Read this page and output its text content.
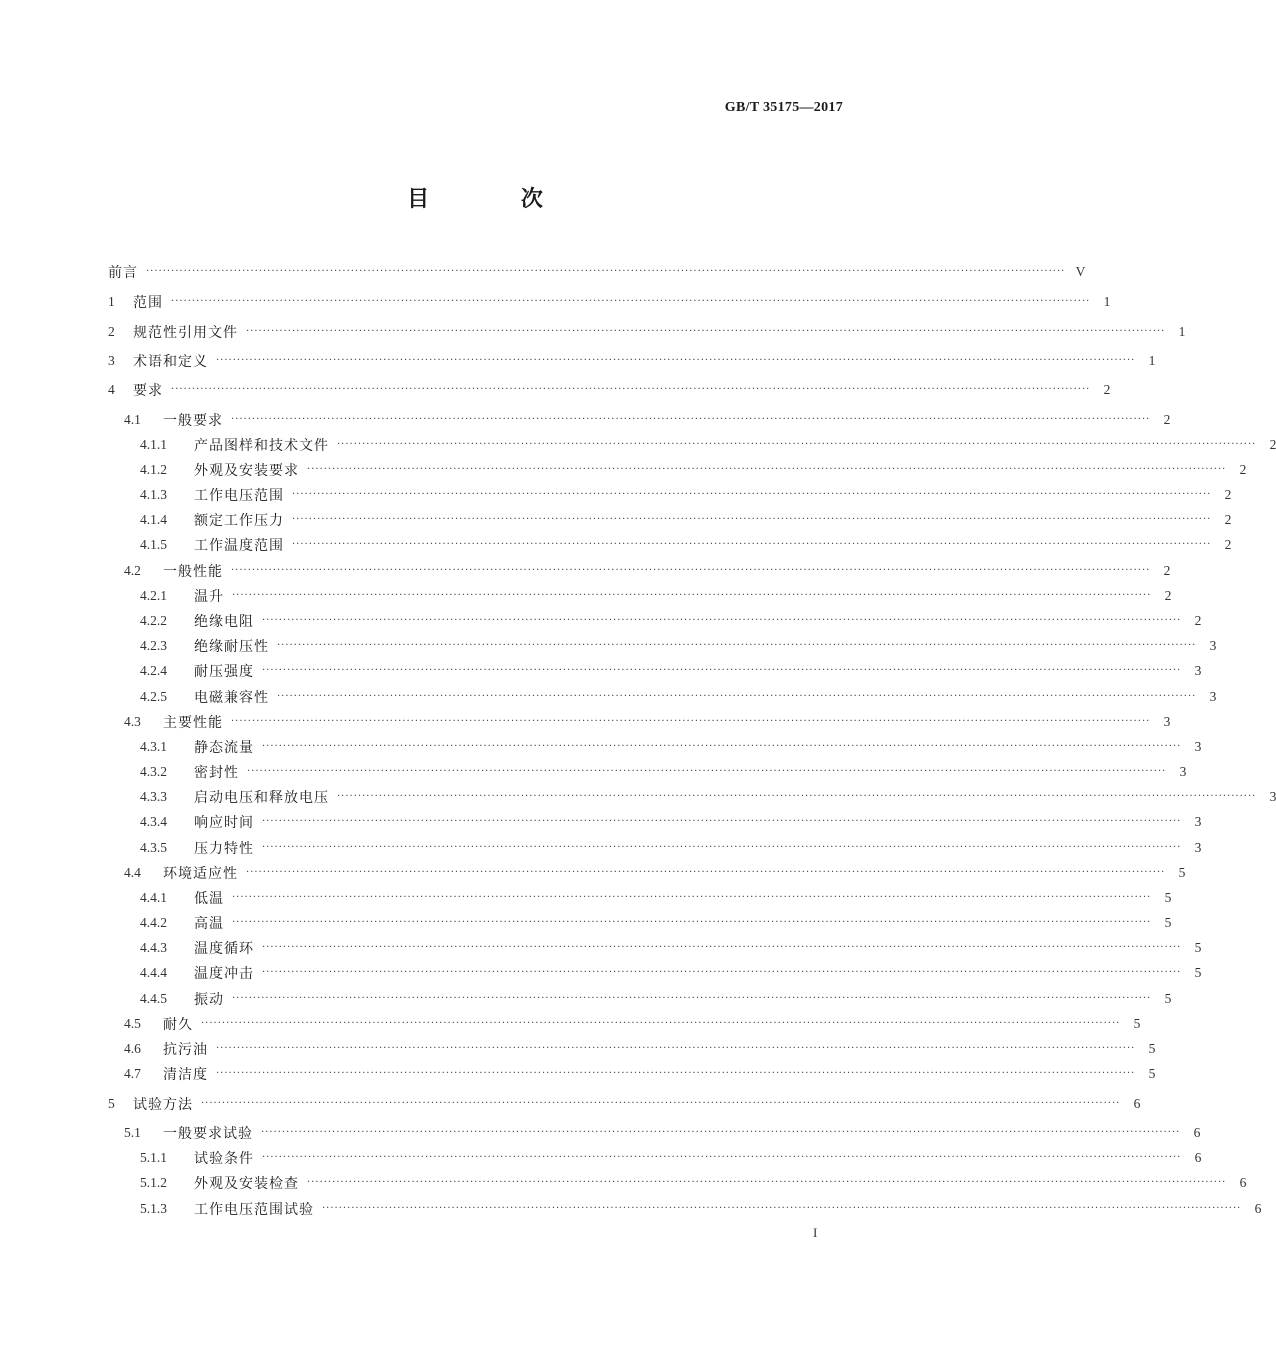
GB/T 35175—2017
目 次
前言 ···························································································································································································································· V
1 范围 ···························································································································································································································· 1
2 规范性引用文件 ···························································································································································································································· 1
3 术语和定义 ···························································································································································································································· 1
4 要求 ···························································································································································································································· 2
4.1 一般要求 ···························································································································································································································· 2
4.1.1 产品图样和技术文件 ···························································································································································································································· 2
4.1.2 外观及安装要求 ···························································································································································································································· 2
4.1.3 工作电压范围 ···························································································································································································································· 2
4.1.4 额定工作压力 ···························································································································································································································· 2
4.1.5 工作温度范围 ···························································································································································································································· 2
4.2 一般性能 ···························································································································································································································· 2
4.2.1 温升 ···························································································································································································································· 2
4.2.2 绝缘电阻 ···························································································································································································································· 2
4.2.3 绝缘耐压性 ···························································································································································································································· 3
4.2.4 耐压强度 ···························································································································································································································· 3
4.2.5 电磁兼容性 ···························································································································································································································· 3
4.3 主要性能 ···························································································································································································································· 3
4.3.1 静态流量 ···························································································································································································································· 3
4.3.2 密封性 ···························································································································································································································· 3
4.3.3 启动电压和释放电压 ···························································································································································································································· 3
4.3.4 响应时间 ···························································································································································································································· 3
4.3.5 压力特性 ···························································································································································································································· 3
4.4 环境适应性 ···························································································································································································································· 5
4.4.1 低温 ···························································································································································································································· 5
4.4.2 高温 ···························································································································································································································· 5
4.4.3 温度循环 ···························································································································································································································· 5
4.4.4 温度冲击 ···························································································································································································································· 5
4.4.5 振动 ···························································································································································································································· 5
4.5 耐久 ···························································································································································································································· 5
4.6 抗污油 ···························································································································································································································· 5
4.7 清洁度 ···························································································································································································································· 5
5 试验方法 ···························································································································································································································· 6
5.1 一般要求试验 ···························································································································································································································· 6
5.1.1 试验条件 ···························································································································································································································· 6
5.1.2 外观及安装检查 ···························································································································································································································· 6
5.1.3 工作电压范围试验 ···························································································································································································································· 6
I
